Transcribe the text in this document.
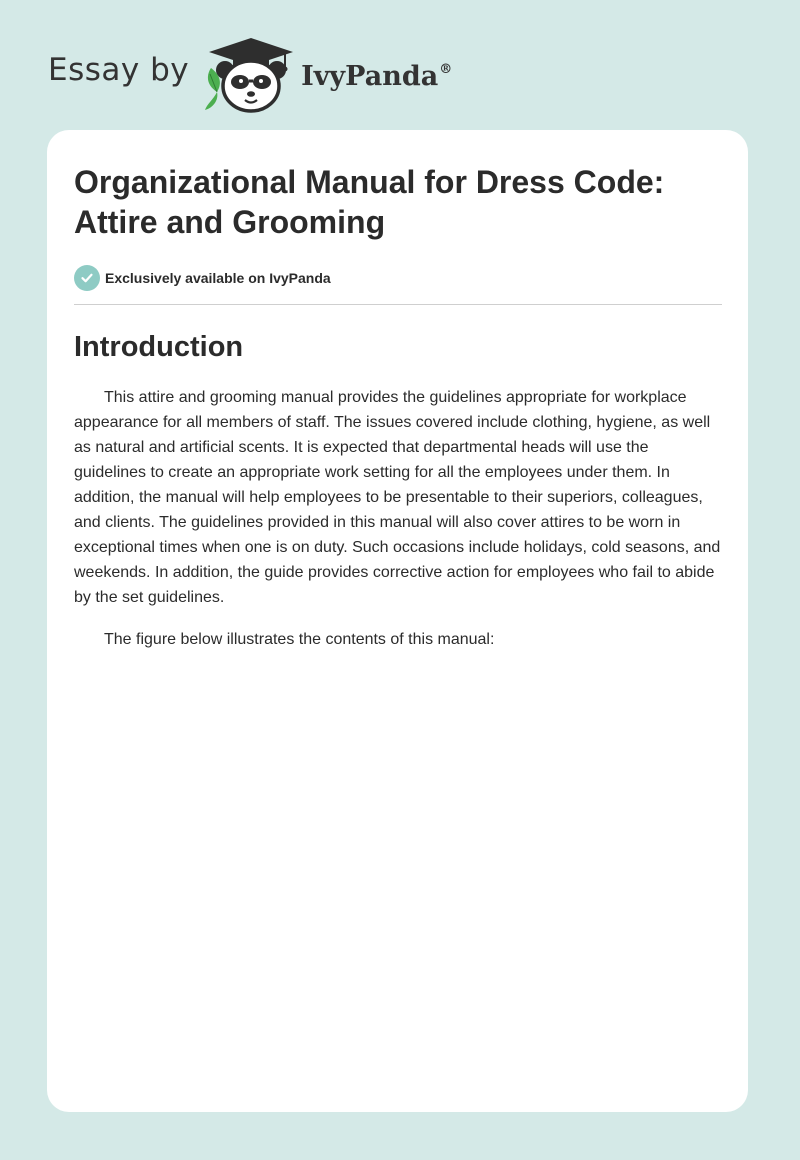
Essay by	IvyPanda®
Organizational Manual for Dress Code: Attire and Grooming
Exclusively available on IvyPanda
Introduction

This attire and grooming manual provides the guidelines appropriate for workplace appearance for all members of staff. The issues covered include clothing, hygiene, as well as natural and artificial scents. It is expected that departmental heads will use the guidelines to create an appropriate work setting for all the employees under them. In addition, the manual will help employees to be presentable to their superiors, colleagues, and clients. The guidelines provided in this manual will also cover attires to be worn in exceptional times when one is on duty. Such occasions include holidays, cold seasons, and weekends. In addition, the guide provides corrective action for employees who fail to abide by the set guidelines.

The figure below illustrates the contents of this manual:
